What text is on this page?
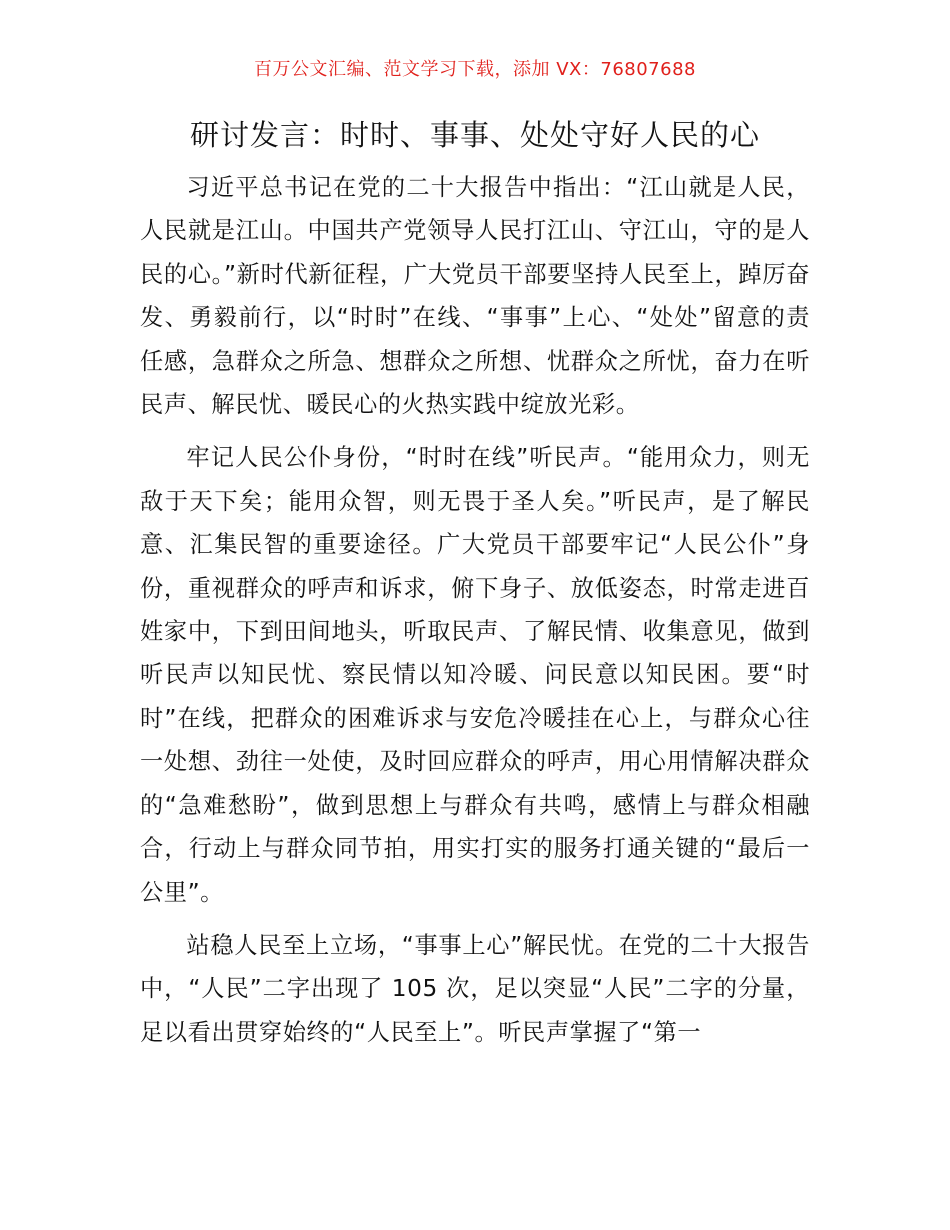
百万公文汇编、范文学习下载，添加 VX：76807688
研讨发言：时时、事事、处处守好人民的心

习近平总书记在党的二十大报告中指出：“江山就是人民，人民就是江山。中国共产党领导人民打江山、守江山，守的是人民的心。”新时代新征程，广大党员干部要坚持人民至上，踔厉奋发、勇毅前行，以“时时”在线、“事事”上心、“处处”留意的责任感，急群众之所急、想群众之所想、忧群众之所忧，奋力在听民声、解民忧、暖民心的火热实践中绽放光彩。

牢记人民公仆身份，“时时在线”听民声。“能用众力，则无敌于天下矣；能用众智，则无畏于圣人矣。”听民声，是了解民意、汇集民智的重要途径。广大党员干部要牢记“人民公仆”身份，重视群众的呼声和诉求，俯下身子、放低姿态，时常走进百姓家中，下到田间地头，听取民声、了解民情、收集意见，做到听民声以知民忧、察民情以知冷暖、问民意以知民困。要“时时”在线，把群众的困难诉求与安危冷暖挂在心上，与群众心往一处想、劲往一处使，及时回应群众的呼声，用心用情解决群众的“急难愁盼”，做到思想上与群众有共鸣，感情上与群众相融合，行动上与群众同节拍，用实打实的服务打通关键的“最后一公里”。

站稳人民至上立场，“事事上心”解民忧。在党的二十大报告中，“人民”二字出现了 105 次，足以突显“人民”二字的分量，足以看出贯穿始终的“人民至上”。听民声掌握了“第一
